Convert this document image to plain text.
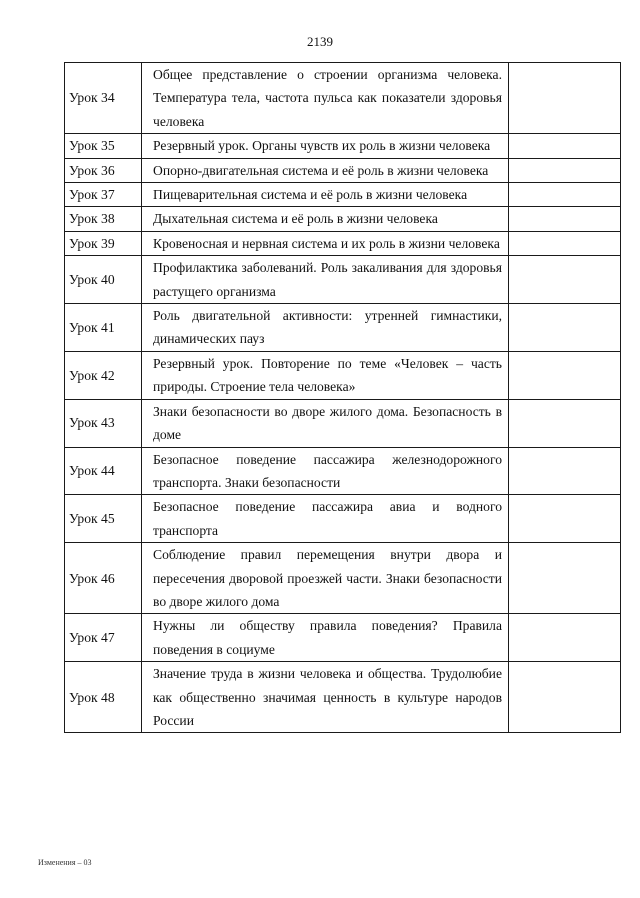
2139
Урок 34	Общее представление о строении организма человека. Температура тела, частота пульса как показатели здоровья человека	
Урок 35	Резервный урок. Органы чувств их роль в жизни человека	
Урок 36	Опорно-двигательная система и её роль в жизни человека	
Урок 37	Пищеварительная система и её роль в жизни человека	
Урок 38	Дыхательная система и её роль в жизни человека	
Урок 39	Кровеносная и нервная система и их роль в жизни человека	
Урок 40	Профилактика заболеваний. Роль закаливания для здоровья растущего организма	
Урок 41	Роль двигательной активности: утренней гимнастики, динамических пауз	
Урок 42	Резервный урок. Повторение по теме «Человек – часть природы. Строение тела человека»	
Урок 43	Знаки безопасности во дворе жилого дома. Безопасность в доме	
Урок 44	Безопасное поведение пассажира железнодорожного транспорта. Знаки безопасности	
Урок 45	Безопасное поведение пассажира авиа и водного транспорта	
Урок 46	Соблюдение правил перемещения внутри двора и пересечения дворовой проезжей части. Знаки безопасности во дворе жилого дома	
Урок 47	Нужны ли обществу правила поведения? Правила поведения в социуме	
Урок 48	Значение труда в жизни человека и общества. Трудолюбие как общественно значимая ценность в культуре народов России	
Изменения – 03
